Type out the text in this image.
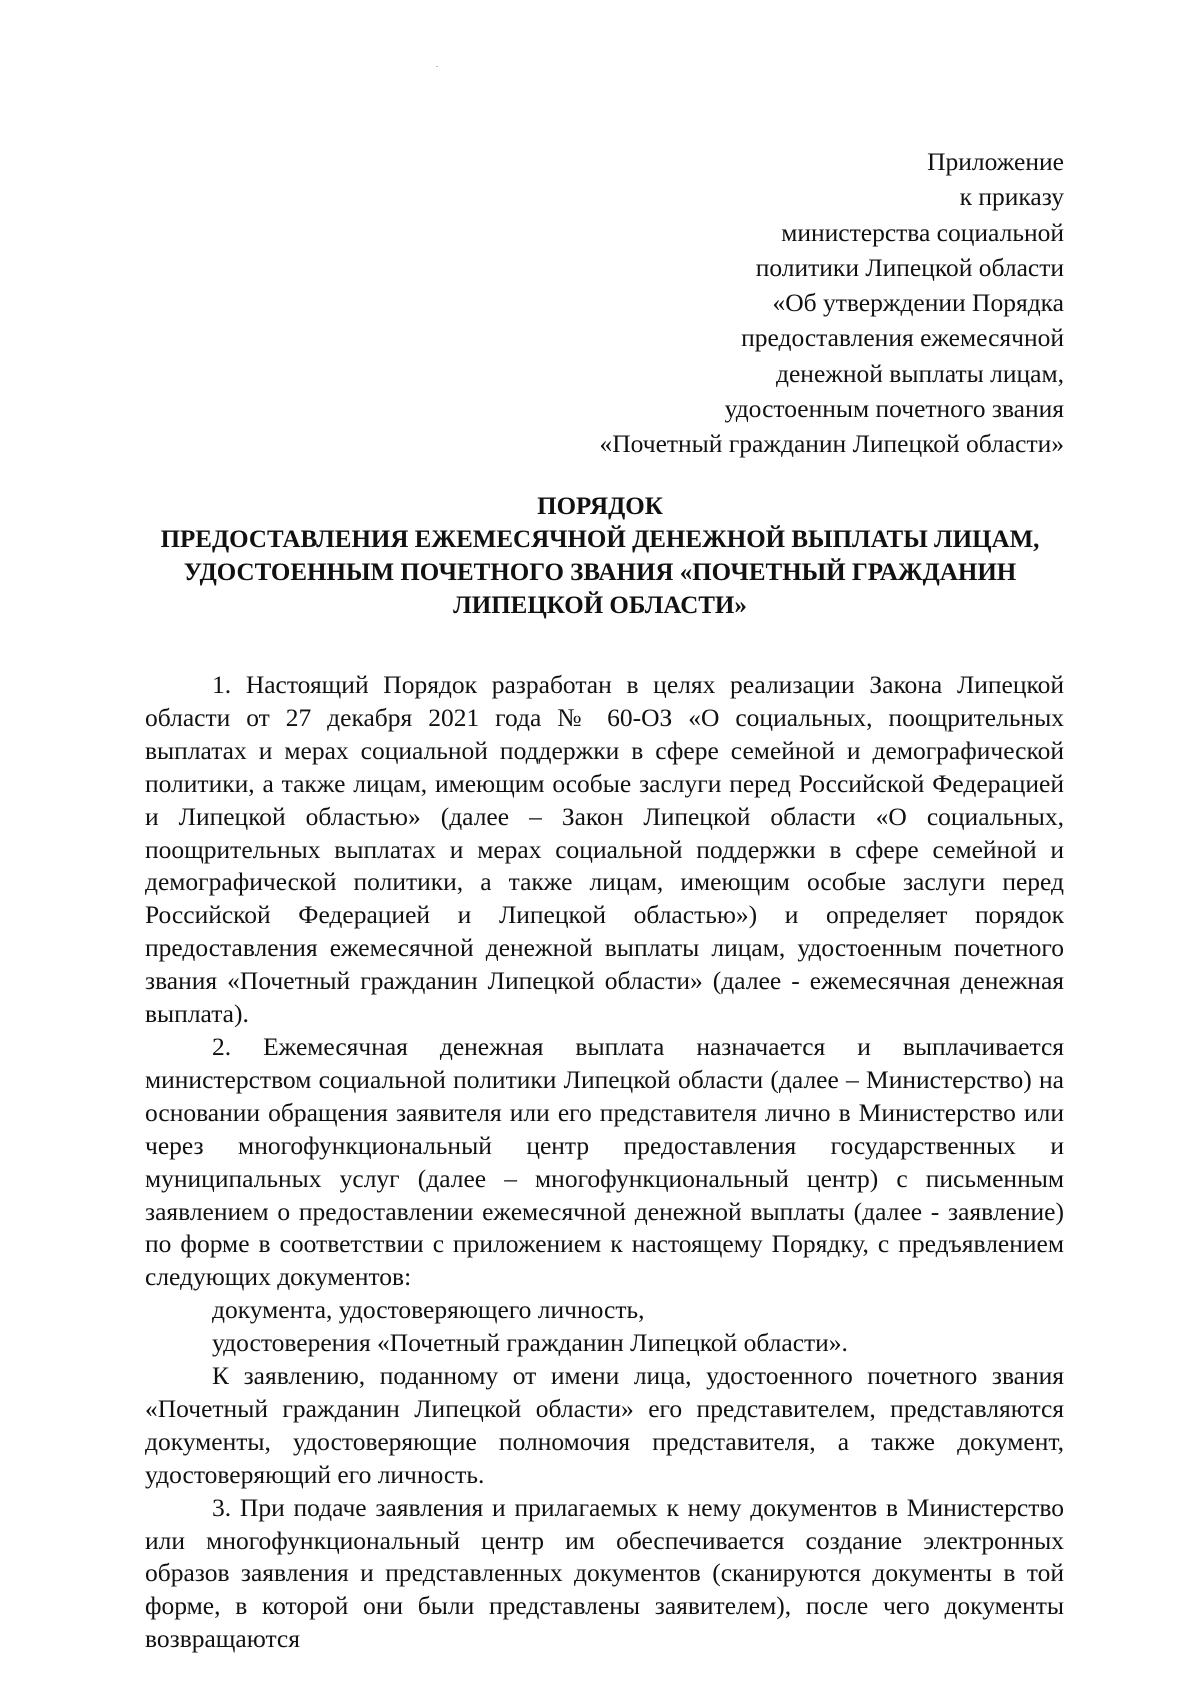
Приложение
к приказу
министерства социальной
политики Липецкой области
«Об утверждении Порядка
предоставления ежемесячной
денежной выплаты лицам,
удостоенным почетного звания
«Почетный гражданин Липецкой области»
ПОРЯДОК
ПРЕДОСТАВЛЕНИЯ ЕЖЕМЕСЯЧНОЙ ДЕНЕЖНОЙ ВЫПЛАТЫ ЛИЦАМ,
УДОСТОЕННЫМ ПОЧЕТНОГО ЗВАНИЯ «ПОЧЕТНЫЙ ГРАЖДАНИН
ЛИПЕЦКОЙ ОБЛАСТИ»

1. Настоящий Порядок разработан в целях реализации Закона Липецкой области от 27 декабря 2021 года № 60-ОЗ «О социальных, поощрительных выплатах и мерах социальной поддержки в сфере семейной и демографической политики, а также лицам, имеющим особые заслуги перед Российской Федерацией и Липецкой областью» (далее – Закон Липецкой области «О социальных, поощрительных выплатах и мерах социальной поддержки в сфере семейной и демографической политики, а также лицам, имеющим особые заслуги перед Российской Федерацией и Липецкой областью») и определяет порядок предоставления ежемесячной денежной выплаты лицам, удостоенным почетного звания «Почетный гражданин Липецкой области» (далее - ежемесячная денежная выплата).

2. Ежемесячная денежная выплата назначается и выплачивается министерством социальной политики Липецкой области (далее – Министерство) на основании обращения заявителя или его представителя лично в Министерство или через многофункциональный центр предоставления государственных и муниципальных услуг (далее – многофункциональный центр) с письменным заявлением о предоставлении ежемесячной денежной выплаты (далее - заявление) по форме в соответствии с приложением к настоящему Порядку, с предъявлением следующих документов:

документа, удостоверяющего личность,

удостоверения «Почетный гражданин Липецкой области».

К заявлению, поданному от имени лица, удостоенного почетного звания «Почетный гражданин Липецкой области» его представителем, представляются документы, удостоверяющие полномочия представителя, а также документ, удостоверяющий его личность.

3. При подаче заявления и прилагаемых к нему документов в Министерство или многофункциональный центр им обеспечивается создание электронных образов заявления и представленных документов (сканируются документы в той форме, в которой они были представлены заявителем), после чего документы возвращаются
